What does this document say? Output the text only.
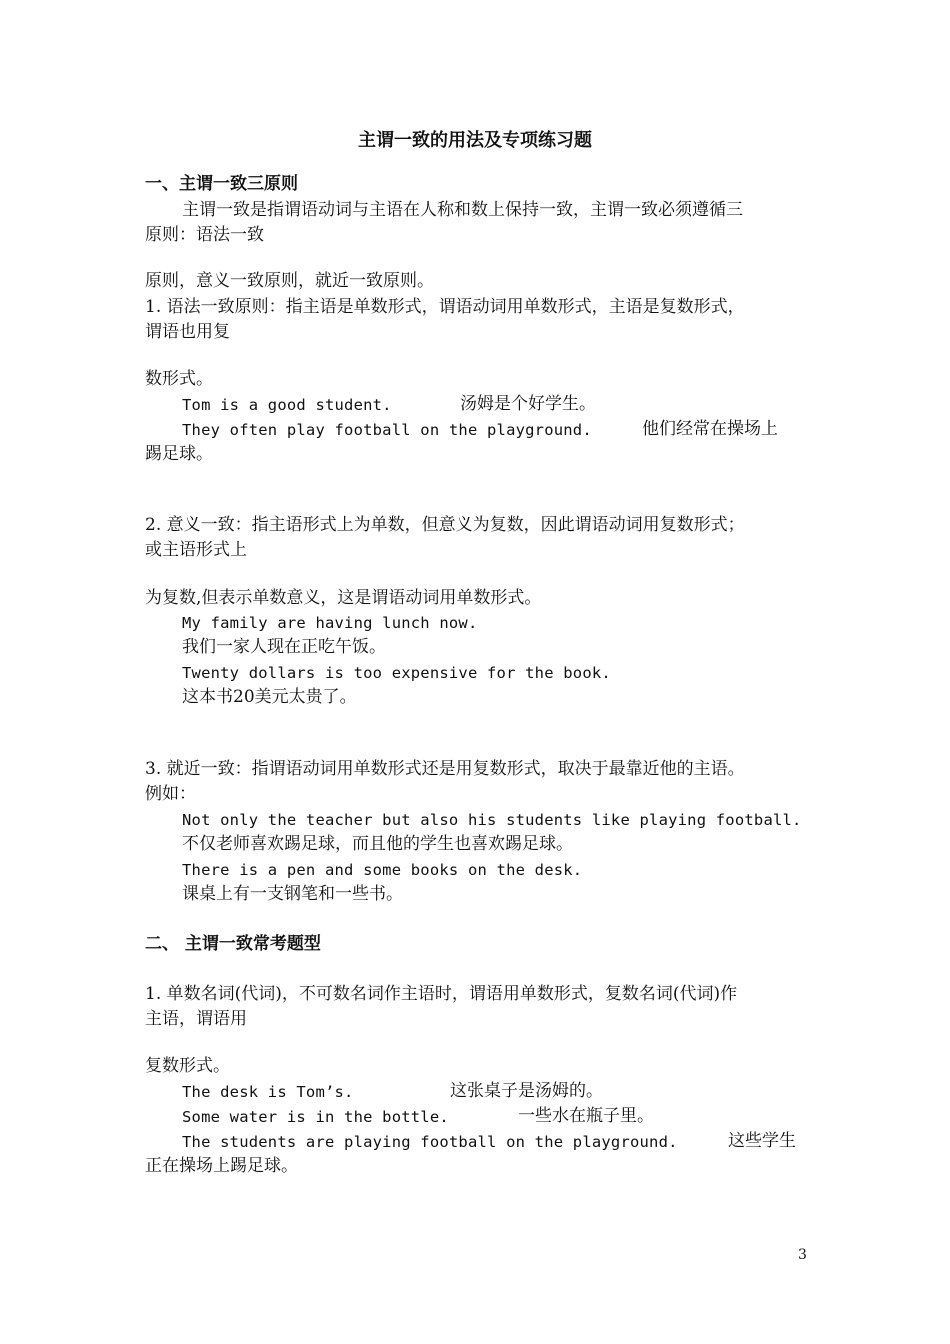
主谓一致的用法及专项练习题
一、主谓一致三原则
主谓一致是指谓语动词与主语在人称和数上保持一致，主谓一致必须遵循三
原则：语法一致
原则，意义一致原则，就近一致原则。
1. 语法一致原则：指主语是单数形式，谓语动词用单数形式，主语是复数形式，
谓语也用复
数形式。
Tom is a good student.	汤姆是个好学生。
They often play football on the playground.	他们经常在操场上
踢足球。
2. 意义一致：指主语形式上为单数，但意义为复数，因此谓语动词用复数形式；
或主语形式上
为复数,但表示单数意义，这是谓语动词用单数形式。
My family are having lunch now.
我们一家人现在正吃午饭。
Twenty dollars is too expensive for the book.
这本书20美元太贵了。
3. 就近一致：指谓语动词用单数形式还是用复数形式，取决于最靠近他的主语。
例如：
Not only the teacher but also his students like playing football.
不仅老师喜欢踢足球，而且他的学生也喜欢踢足球。
There is a pen and some books on the desk.
课桌上有一支钢笔和一些书。
二、 主谓一致常考题型
1. 单数名词(代词)，不可数名词作主语时，谓语用单数形式，复数名词(代词)作
主语，谓语用
复数形式。
The desk is Tom’s.	这张桌子是汤姆的。
Some water is in the bottle.	一些水在瓶子里。
The students are playing football on the playground.	这些学生
正在操场上踢足球。
3
